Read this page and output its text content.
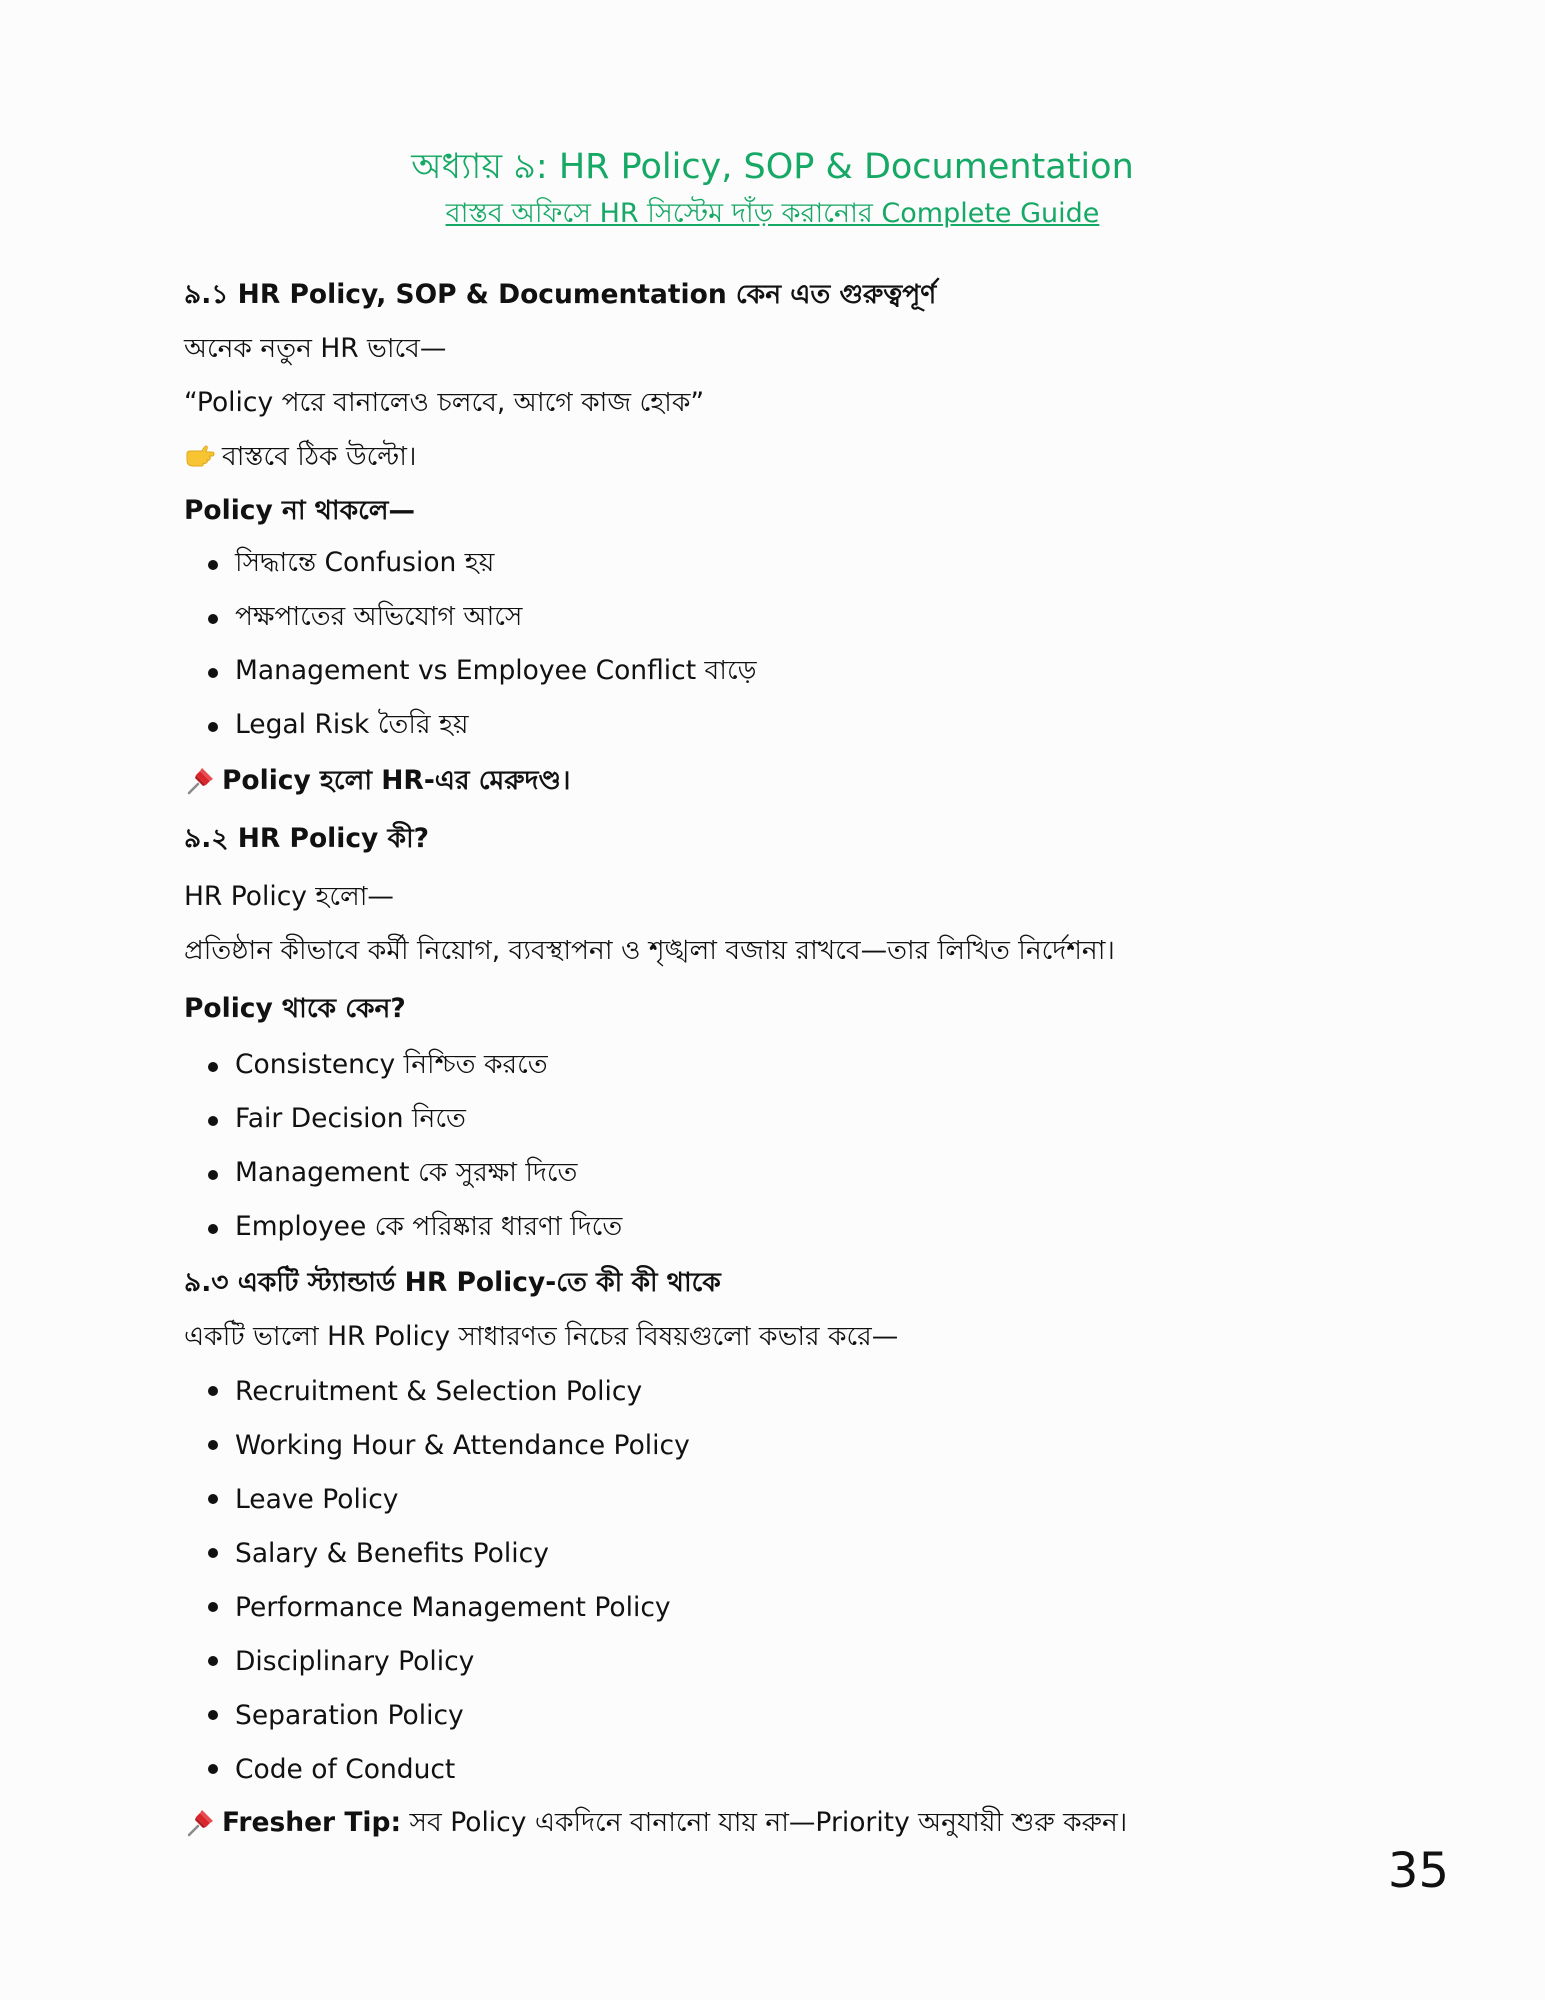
অধ্যায় ৯: HR Policy, SOP & Documentation
বাস্তব অফিসে HR সিস্টেম দাঁড় করানোর Complete Guide
৯.১ HR Policy, SOP & Documentation কেন এত গুরুত্বপূর্ণ

অনেক নতুন HR ভাবে—

“Policy পরে বানালেও চলবে, আগে কাজ হোক”

বাস্তবে ঠিক উল্টো।

Policy না থাকলে—
সিদ্ধান্তে Confusion হয়
পক্ষপাতের অভিযোগ আসে
Management vs Employee Conflict বাড়ে
Legal Risk তৈরি হয়

Policy হলো HR-এর মেরুদণ্ড।

৯.২ HR Policy কী?

HR Policy হলো—

প্রতিষ্ঠান কীভাবে কর্মী নিয়োগ, ব্যবস্থাপনা ও শৃঙ্খলা বজায় রাখবে—তার লিখিত নির্দেশনা।

Policy থাকে কেন?
Consistency নিশ্চিত করতে
Fair Decision নিতে
Management কে সুরক্ষা দিতে
Employee কে পরিষ্কার ধারণা দিতে
৯.৩ একটি স্ট্যান্ডার্ড HR Policy-তে কী কী থাকে

একটি ভালো HR Policy সাধারণত নিচের বিষয়গুলো কভার করে—

Recruitment & Selection Policy
Working Hour & Attendance Policy
Leave Policy
Salary & Benefits Policy
Performance Management Policy
Disciplinary Policy
Separation Policy
Code of Conduct

Fresher Tip: সব Policy একদিনে বানানো যায় না—Priority অনুযায়ী শুরু করুন।

35
